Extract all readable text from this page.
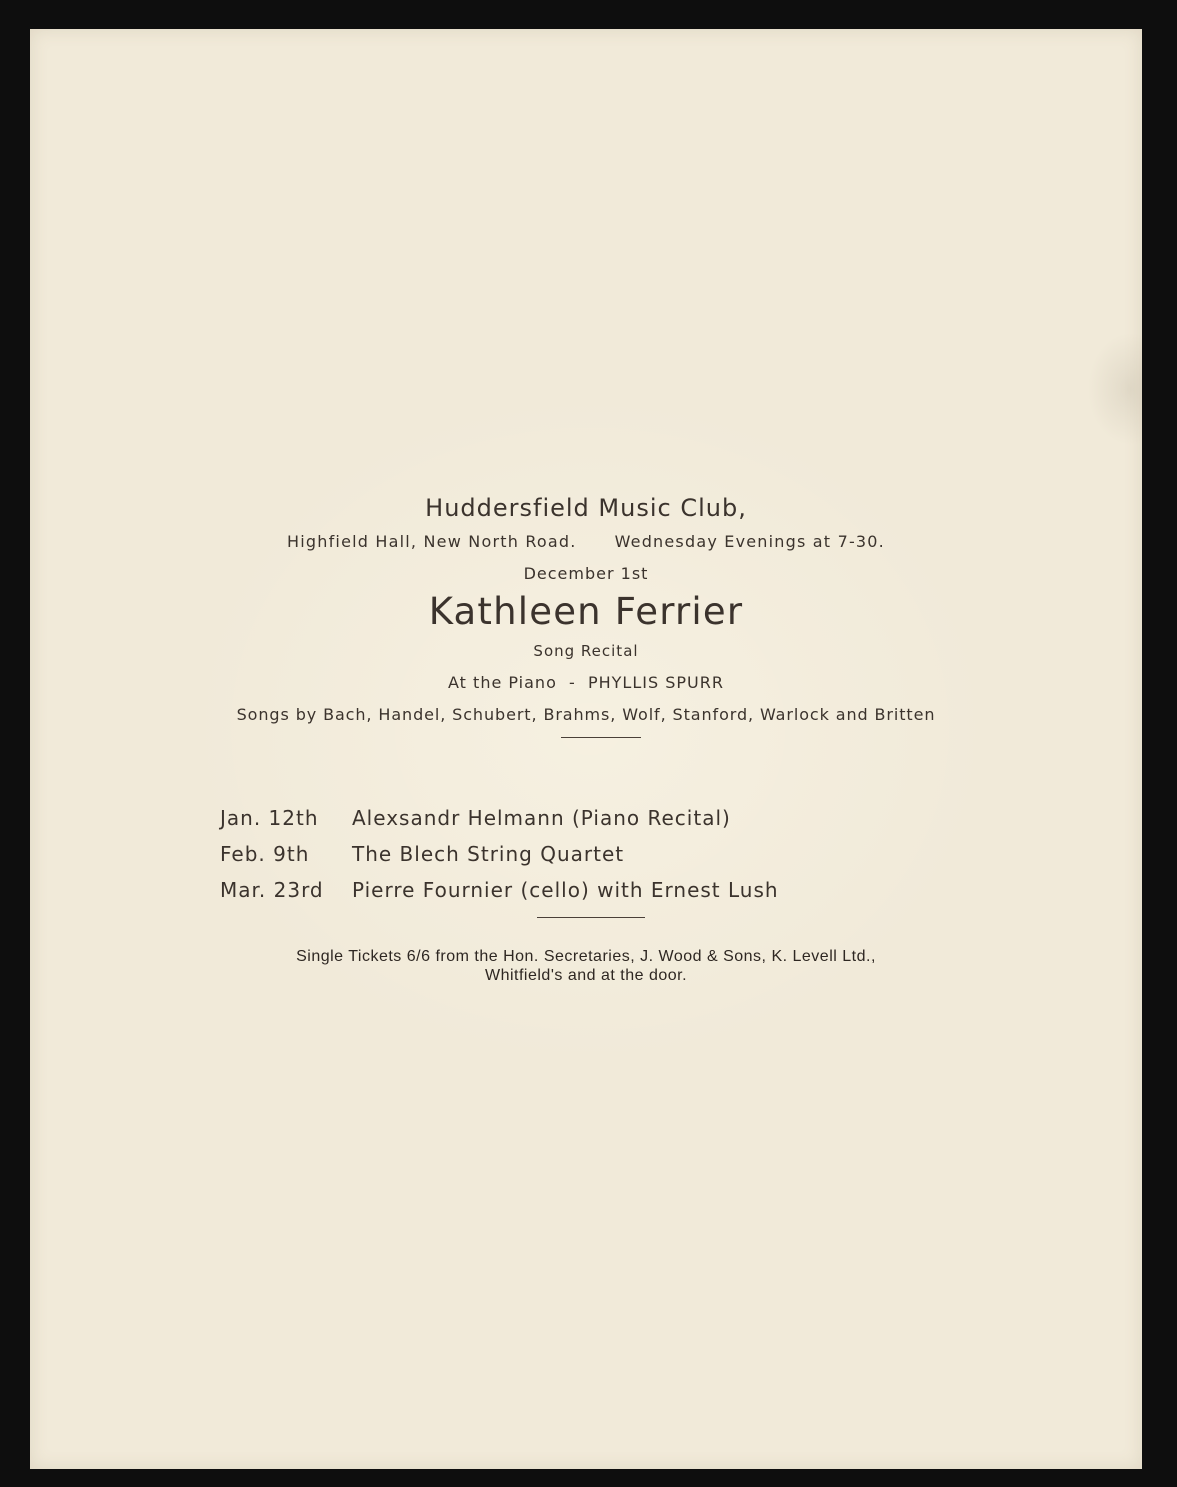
Huddersfield Music Club,
Highfield Hall, New North Road. Wednesday Evenings at 7-30.
December 1st
Kathleen Ferrier
Song Recital
At the Piano  -  PHYLLIS SPURR
Songs by Bach, Handel, Schubert, Brahms, Wolf, Stanford, Warlock and Britten
Jan. 12th	Alexsandr Helmann (Piano Recital)
Feb. 9th	The Blech String Quartet
Mar. 23rd	Pierre Fournier (cello) with Ernest Lush
Single Tickets 6/6 from the Hon. Secretaries, J. Wood & Sons, K. Levell Ltd.,
Whitfield's and at the door.
